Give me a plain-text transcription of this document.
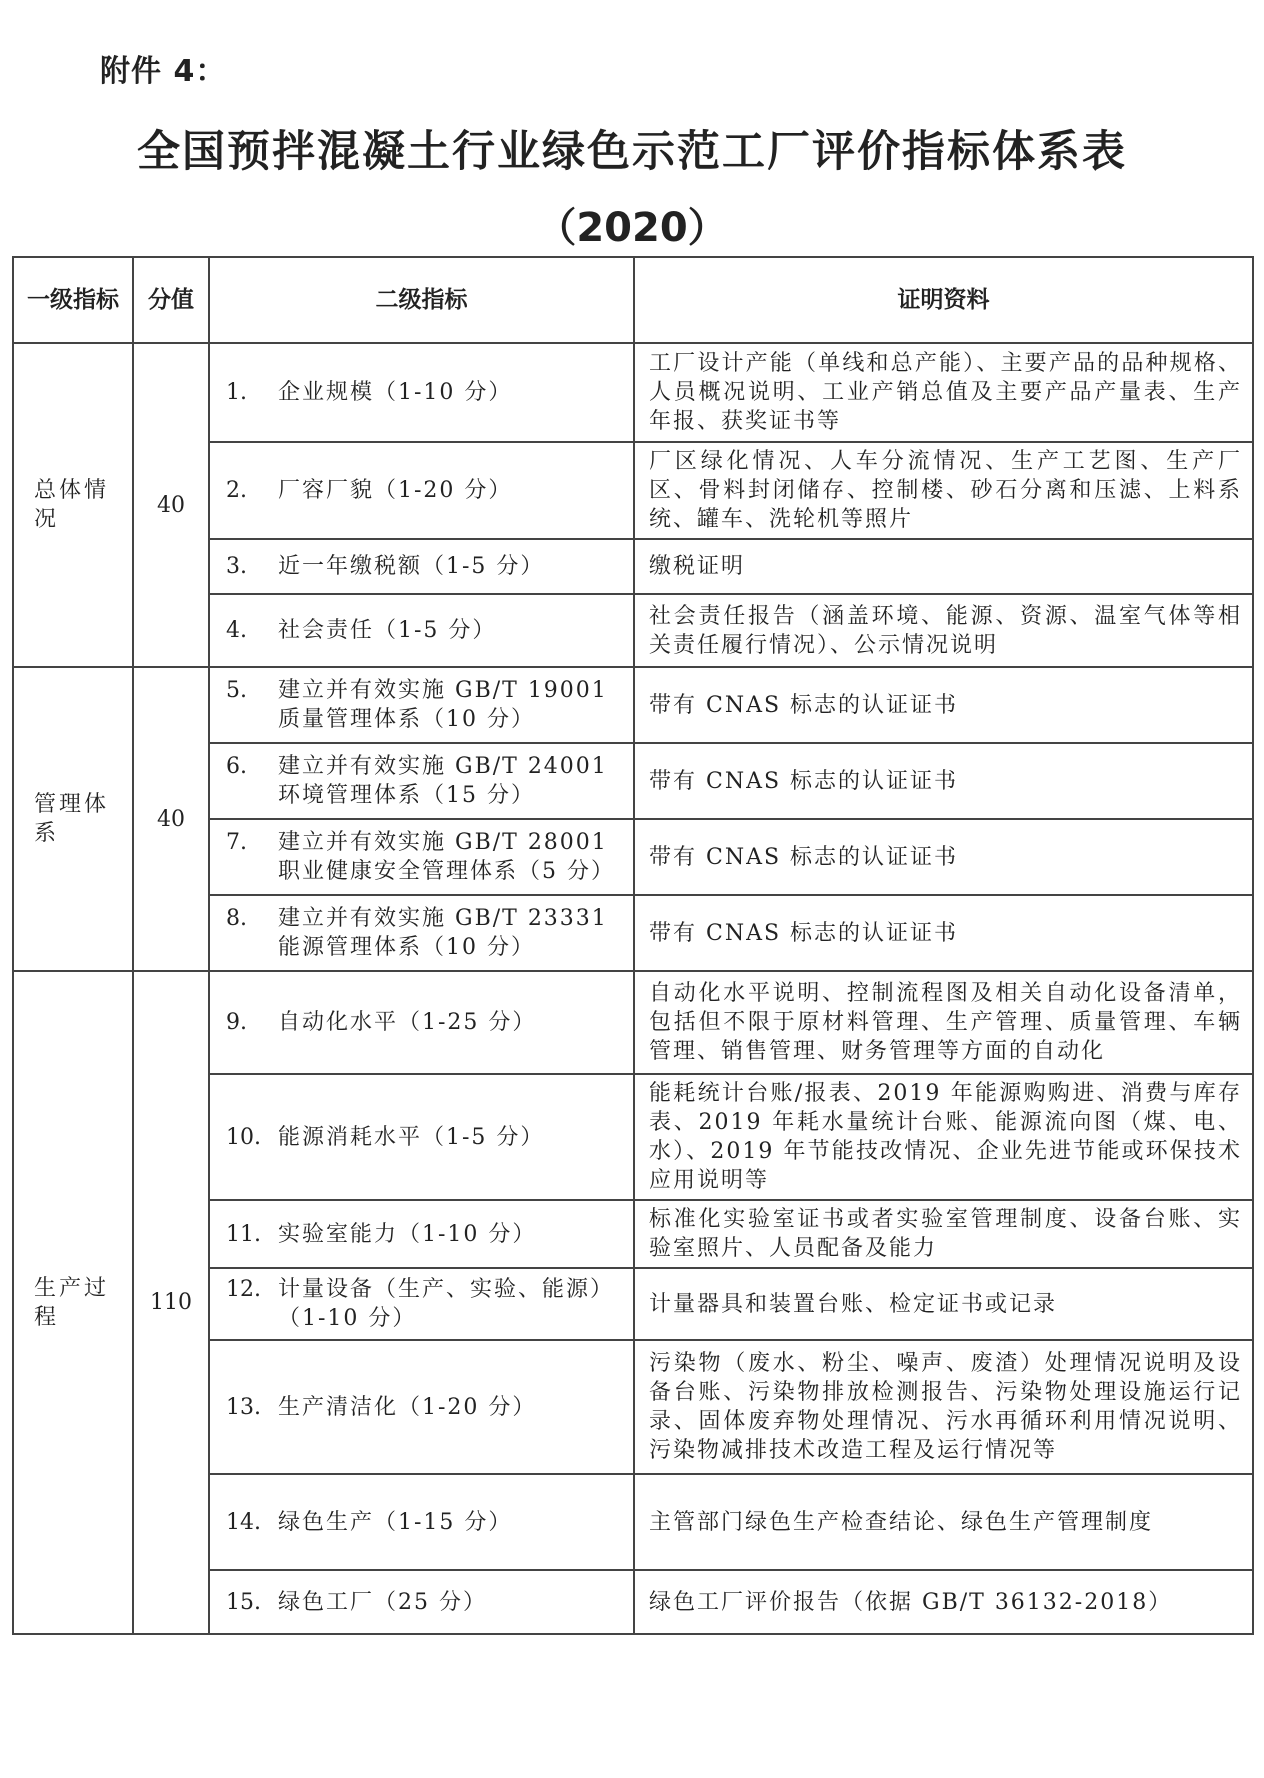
附件 4：
全国预拌混凝土行业绿色示范工厂评价指标体系表
（2020）
一级指标	分值	二级指标	证明资料
总体情况	40	1. 企业规模（1-10 分）	工厂设计产能（单线和总产能）、主要产品的品种规格、人员概况说明、工业产销总值及主要产品产量表、生产年报、获奖证书等

		2. 厂容厂貌（1-20 分）	厂区绿化情况、人车分流情况、生产工艺图、生产厂区、骨料封闭储存、控制楼、砂石分离和压滤、上料系统、罐车、洗轮机等照片

		3. 近一年缴税额（1-5 分）	缴税证明

		4. 社会责任（1-5 分）	社会责任报告（涵盖环境、能源、资源、温室气体等相关责任履行情况）、公示情况说明
管理体系	40	5. 建立并有效实施 GB/T 19001 质量管理体系（10 分）	带有 CNAS 标志的认证证书

		6. 建立并有效实施 GB/T 24001 环境管理体系（15 分）	带有 CNAS 标志的认证证书

		7. 建立并有效实施 GB/T 28001 职业健康安全管理体系（5 分）	带有 CNAS 标志的认证证书

		8. 建立并有效实施 GB/T 23331 能源管理体系（10 分）	带有 CNAS 标志的认证证书
生产过程	110	9. 自动化水平（1-25 分）	自动化水平说明、控制流程图及相关自动化设备清单，包括但不限于原材料管理、生产管理、质量管理、车辆管理、销售管理、财务管理等方面的自动化

		10. 能源消耗水平（1-5 分）	能耗统计台账/报表、2019 年能源购购进、消费与库存表、2019 年耗水量统计台账、能源流向图（煤、电、水）、2019 年节能技改情况、企业先进节能或环保技术应用说明等

		11. 实验室能力（1-10 分）	标准化实验室证书或者实验室管理制度、设备台账、实验室照片、人员配备及能力

		12. 计量设备（生产、实验、能源）（1-10 分）	计量器具和装置台账、检定证书或记录

		13. 生产清洁化（1-20 分）	污染物（废水、粉尘、噪声、废渣）处理情况说明及设备台账、污染物排放检测报告、污染物处理设施运行记录、固体废弃物处理情况、污水再循环利用情况说明、污染物减排技术改造工程及运行情况等

		14. 绿色生产（1-15 分）	主管部门绿色生产检查结论、绿色生产管理制度

		15. 绿色工厂（25 分）	绿色工厂评价报告（依据 GB/T 36132-2018）
